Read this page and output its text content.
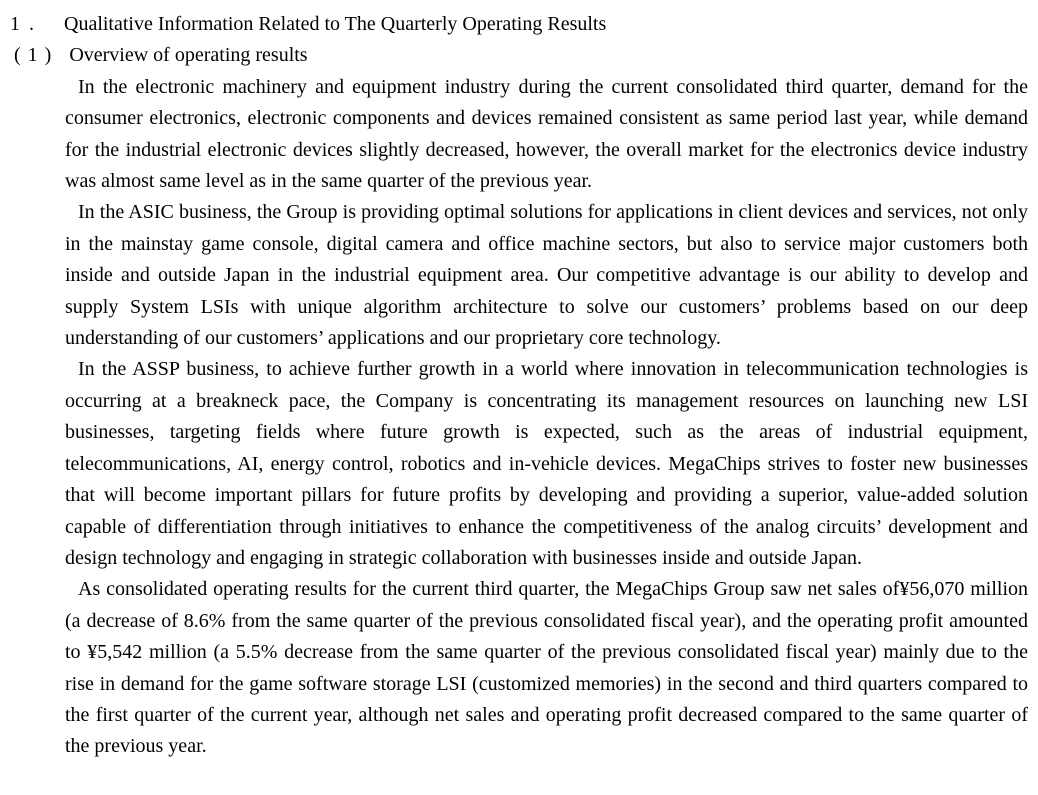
1. Qualitative Information Related to The Quarterly Operating Results
(1) Overview of operating results

In the electronic machinery and equipment industry during the current consolidated third quarter, demand for the consumer electronics, electronic components and devices remained consistent as same period last year, while demand for the industrial electronic devices slightly decreased, however, the overall market for the electronics device industry was almost same level as in the same quarter of the previous year.

In the ASIC business, the Group is providing optimal solutions for applications in client devices and services, not only in the mainstay game console, digital camera and office machine sectors, but also to service major customers both inside and outside Japan in the industrial equipment area. Our competitive advantage is our ability to develop and supply System LSIs with unique algorithm architecture to solve our customers’ problems based on our deep understanding of our customers’ applications and our proprietary core technology.

In the ASSP business, to achieve further growth in a world where innovation in telecommunication technologies is occurring at a breakneck pace, the Company is concentrating its management resources on launching new LSI businesses, targeting fields where future growth is expected, such as the areas of industrial equipment, telecommunications, AI, energy control, robotics and in-vehicle devices. MegaChips strives to foster new businesses that will become important pillars for future profits by developing and providing a superior, value-added solution capable of differentiation through initiatives to enhance the competitiveness of the analog circuits’ development and design technology and engaging in strategic collaboration with businesses inside and outside Japan.

As consolidated operating results for the current third quarter, the MegaChips Group saw net sales of¥56,070 million (a decrease of 8.6% from the same quarter of the previous consolidated fiscal year), and the operating profit amounted to ¥5,542 million (a 5.5% decrease from the same quarter of the previous consolidated fiscal year) mainly due to the rise in demand for the game software storage LSI (customized memories) in the second and third quarters compared to the first quarter of the current year, although net sales and operating profit decreased compared to the same quarter of the previous year.
